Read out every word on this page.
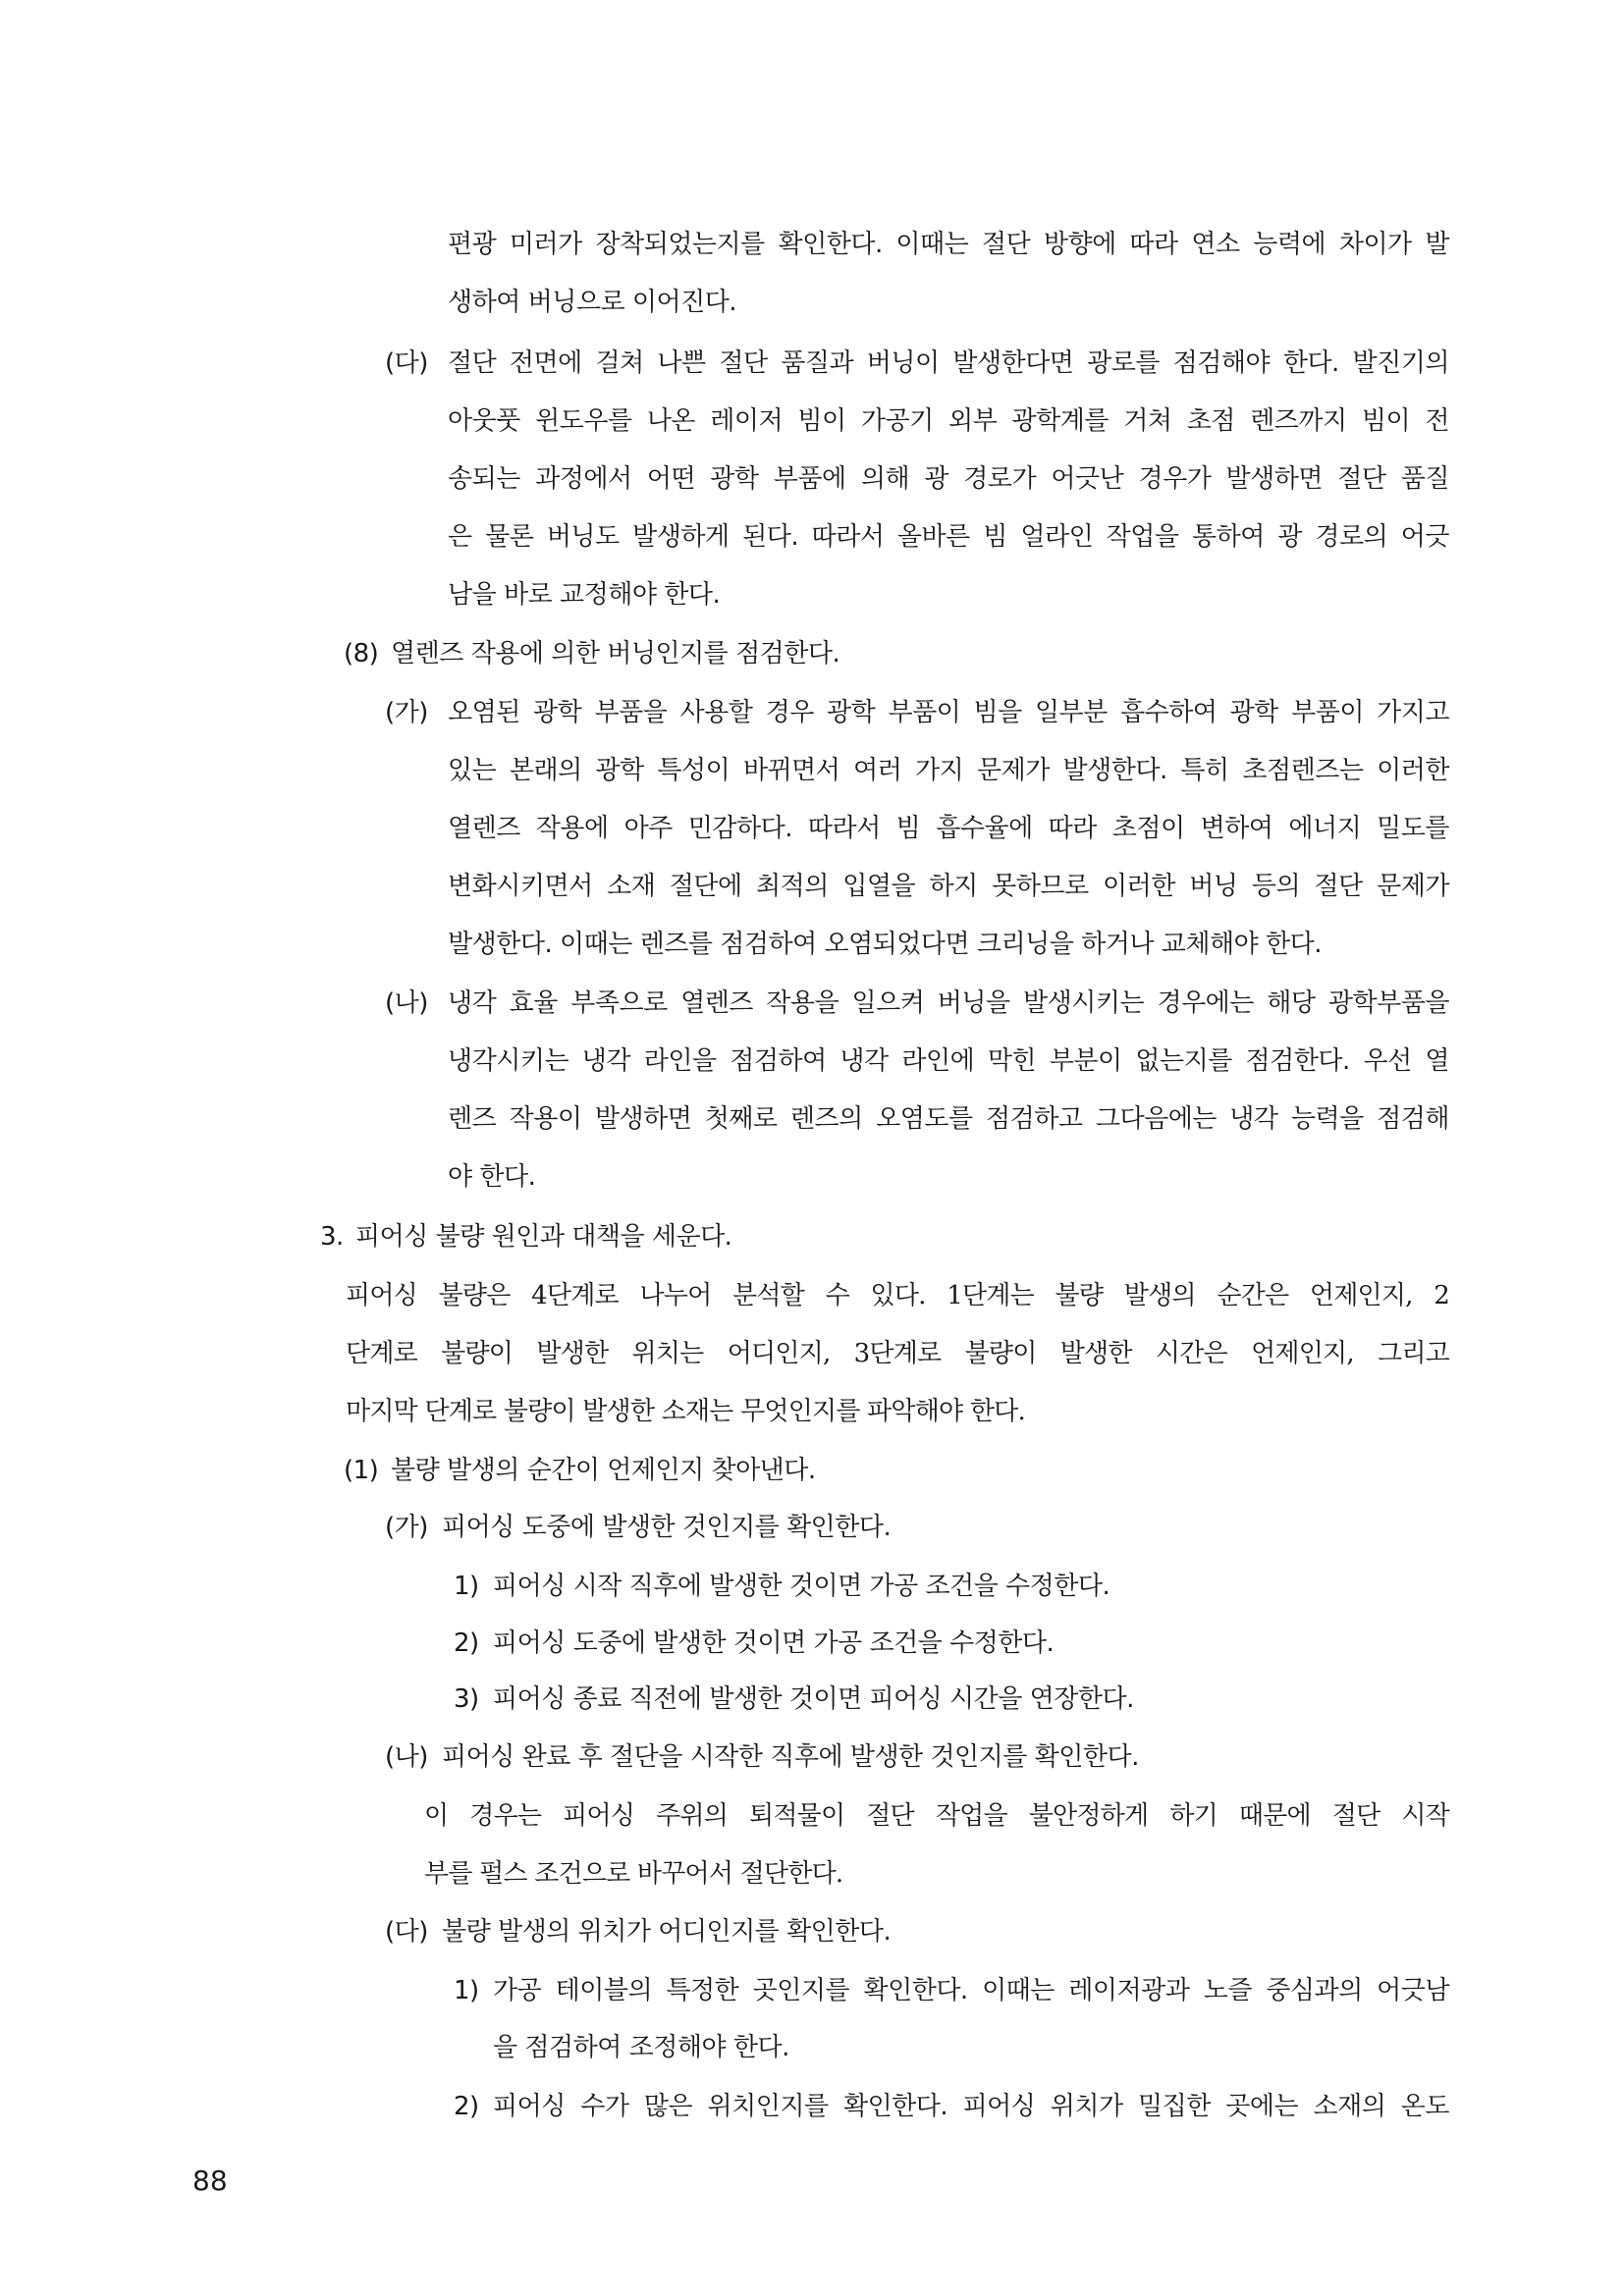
편광 미러가 장착되었는지를 확인한다. 이때는 절단 방향에 따라 연소 능력에 차이가 발
생하여 버닝으로 이어진다.
(다) 절단 전면에 걸쳐 나쁜 절단 품질과 버닝이 발생한다면 광로를 점검해야 한다. 발진기의
아웃풋 윈도우를 나온 레이저 빔이 가공기 외부 광학계를 거쳐 초점 렌즈까지 빔이 전
송되는 과정에서 어떤 광학 부품에 의해 광 경로가 어긋난 경우가 발생하면 절단 품질
은 물론 버닝도 발생하게 된다. 따라서 올바른 빔 얼라인 작업을 통하여 광 경로의 어긋
남을 바로 교정해야 한다.
(8) 열렌즈 작용에 의한 버닝인지를 점검한다.
(가) 오염된 광학 부품을 사용할 경우 광학 부품이 빔을 일부분 흡수하여 광학 부품이 가지고
있는 본래의 광학 특성이 바뀌면서 여러 가지 문제가 발생한다. 특히 초점렌즈는 이러한
열렌즈 작용에 아주 민감하다. 따라서 빔 흡수율에 따라 초점이 변하여 에너지 밀도를
변화시키면서 소재 절단에 최적의 입열을 하지 못하므로 이러한 버닝 등의 절단 문제가
발생한다. 이때는 렌즈를 점검하여 오염되었다면 크리닝을 하거나 교체해야 한다.
(나) 냉각 효율 부족으로 열렌즈 작용을 일으켜 버닝을 발생시키는 경우에는 해당 광학부품을
냉각시키는 냉각 라인을 점검하여 냉각 라인에 막힌 부분이 없는지를 점검한다. 우선 열
렌즈 작용이 발생하면 첫째로 렌즈의 오염도를 점검하고 그다음에는 냉각 능력을 점검해
야 한다.
3. 피어싱 불량 원인과 대책을 세운다.
피어싱 불량은 4단계로 나누어 분석할 수 있다. 1단계는 불량 발생의 순간은 언제인지, 2
단계로 불량이 발생한 위치는 어디인지, 3단계로 불량이 발생한 시간은 언제인지, 그리고
마지막 단계로 불량이 발생한 소재는 무엇인지를 파악해야 한다.
(1) 불량 발생의 순간이 언제인지 찾아낸다.
(가) 피어싱 도중에 발생한 것인지를 확인한다.
1) 피어싱 시작 직후에 발생한 것이면 가공 조건을 수정한다.
2) 피어싱 도중에 발생한 것이면 가공 조건을 수정한다.
3) 피어싱 종료 직전에 발생한 것이면 피어싱 시간을 연장한다.
(나) 피어싱 완료 후 절단을 시작한 직후에 발생한 것인지를 확인한다.
이 경우는 피어싱 주위의 퇴적물이 절단 작업을 불안정하게 하기 때문에 절단 시작
부를 펄스 조건으로 바꾸어서 절단한다.
(다) 불량 발생의 위치가 어디인지를 확인한다.
1) 가공 테이블의 특정한 곳인지를 확인한다. 이때는 레이저광과 노즐 중심과의 어긋남
을 점검하여 조정해야 한다.
2) 피어싱 수가 많은 위치인지를 확인한다. 피어싱 위치가 밀집한 곳에는 소재의 온도
88
